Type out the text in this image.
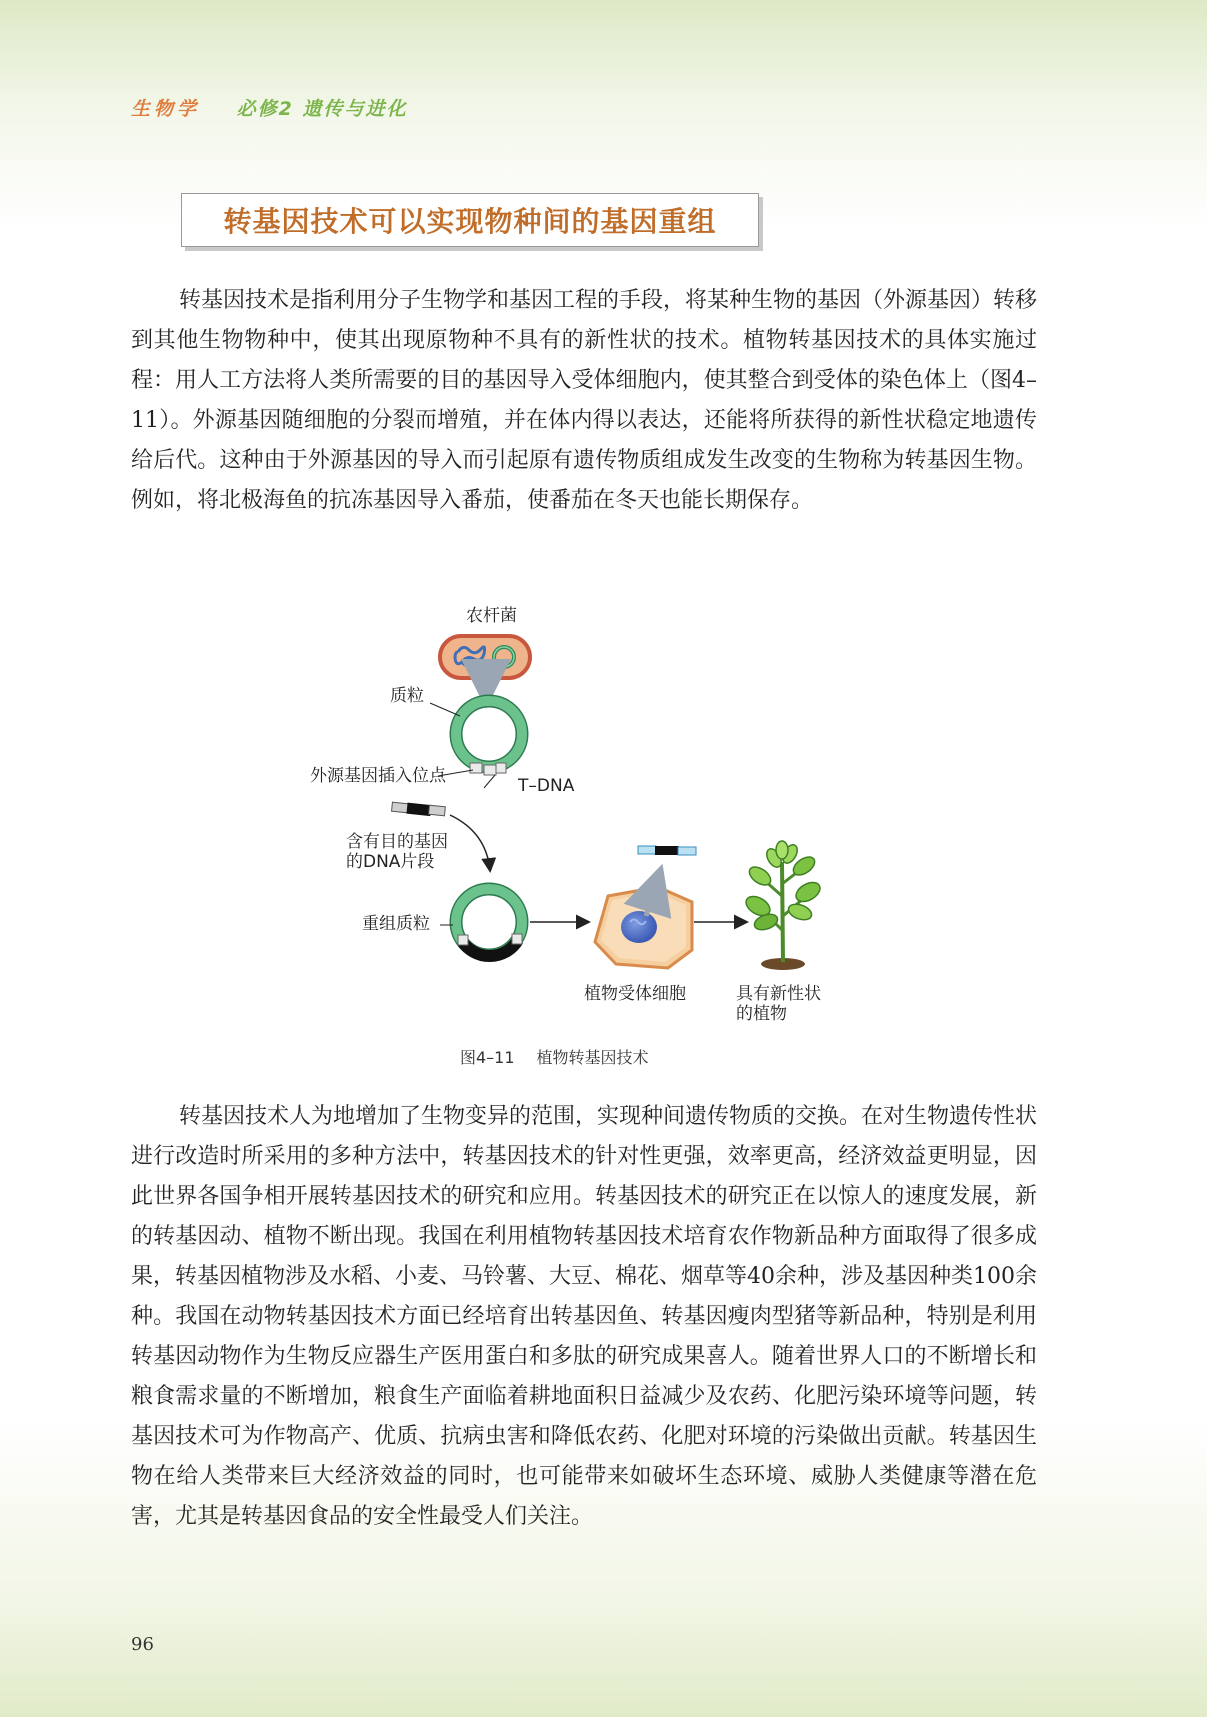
生物学 必修2 遗传与进化
转基因技术可以实现物种间的基因重组

转基因技术是指利用分子生物学和基因工程的手段，将某种生物的基因（外源基因）转移到其他生物物种中，使其出现原物种不具有的新性状的技术。植物转基因技术的具体实施过程：用人工方法将人类所需要的目的基因导入受体细胞内，使其整合到受体的染色体上（图4–11）。外源基因随细胞的分裂而增殖，并在体内得以表达，还能将所获得的新性状稳定地遗传给后代。这种由于外源基因的导入而引起原有遗传物质组成发生改变的生物称为转基因生物。例如，将北极海鱼的抗冻基因导入番茄，使番茄在冬天也能长期保存。

农杆菌
质粒
外源基因插入位点	T–DNA
含有目的基因
的DNA片段
重组质粒
植物受体细胞	具有新性状
的植物
图4–11 植物转基因技术

转基因技术人为地增加了生物变异的范围，实现种间遗传物质的交换。在对生物遗传性状进行改造时所采用的多种方法中，转基因技术的针对性更强，效率更高，经济效益更明显，因此世界各国争相开展转基因技术的研究和应用。转基因技术的研究正在以惊人的速度发展，新的转基因动、植物不断出现。我国在利用植物转基因技术培育农作物新品种方面取得了很多成果，转基因植物涉及水稻、小麦、马铃薯、大豆、棉花、烟草等40余种，涉及基因种类100余种。我国在动物转基因技术方面已经培育出转基因鱼、转基因瘦肉型猪等新品种，特别是利用转基因动物作为生物反应器生产医用蛋白和多肽的研究成果喜人。随着世界人口的不断增长和粮食需求量的不断增加，粮食生产面临着耕地面积日益减少及农药、化肥污染环境等问题，转基因技术可为作物高产、优质、抗病虫害和降低农药、化肥对环境的污染做出贡献。转基因生物在给人类带来巨大经济效益的同时，也可能带来如破坏生态环境、威胁人类健康等潜在危害，尤其是转基因食品的安全性最受人们关注。

96
